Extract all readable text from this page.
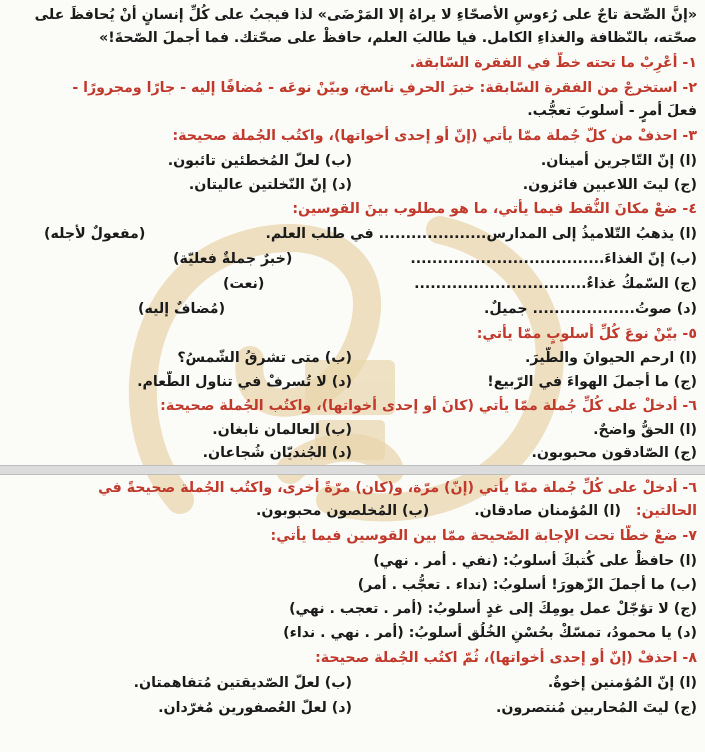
«إنَّ الصِّحة تاجٌ على رُءوسِ الأصحّاءِ لا يراهُ إلا المَرْضَى» لذا فيجبُ على كُلِّ إنسانٍ أنْ يُحافظَ على
صحّته، بالنّظافة والغذاءِ الكامل. فيا طالبَ العلم، حافظْ على صحّتك. فما أجملَ الصّحةَ!»
١- أعْرِبْ ما تحته خطٌّ في الفقرة السّابقة.
٢- استخرجْ من الفقرة السّابقة: خبرَ الحرفِ ناسخ، وبيّنْ نوعَه - مُضافًا إليه - جارًا ومجرورًا -
فعلَ أمرٍ - أُسلوبَ تعجُّب.
٣- احذفْ من كلّ جُملة ممّا يأتي (إنّ أو إحدى أخواتها)، واكتُب الجُملة صحيحة:
(ا) إنّ التّاجرين أمينان.
(ب) لعلّ المُخطئين تائبون.
(ج) ليتَ اللاعبين فائزون.
(د) إنّ النّخلتين عاليتان.
٤- ضعْ مكانَ النُّقط فيما يأتي، ما هو مطلوب بينَ القوسين:
(ا) يذهبُ التّلاميذُ إلى المدارس.................... في طلب العلم.
(مفعولٌ لأجله)
(ب) إنّ الغذاءَ....................................
(خبرٌ جملةٌ فعليّة)
(ج) السّمكُ غذاءٌ................................
(نعت)
(د) صوتُ................... جميلٌ.
(مُضافٌ إليه)
٥- بيّنْ نوعَ كُلِّ أُسلوبٍ ممّا يأتي:
(ا) ارحم الحيوانَ والطّيرَ.
(ب) متى تشرقُ الشّمسُ؟
(ج) ما أجملَ الهواءَ في الرّبيع!
(د) لا تُسرفْ في تناول الطّعام.
٦- أدخلْ على كُلِّ جُملة ممّا يأتي (كانَ أو إحدى أخواتها)، واكتُب الجُملة صحيحة:
(ا) الحقُّ واضحٌ.
(ب) العالمان نابغان.
(ج) الصّادقون محبوبون.
(د) الجُنديّان شُجاعان.
٦- أدخلْ على كُلِّ جُملة ممّا يأتي (إنّ) مرّة، و(كان) مرّةً أخرى، واكتُب الجُملة صحيحةً في
الحالتين: (ا) المُؤمنان صادقان. (ب) المُخلصون محبوبون.
٧- ضعْ خطًّا تحت الإجابة الصّحيحة ممّا بين القوسين فيما يأتي:
(ا) حافظْ على كُتبكَ أسلوبُ: (نفي . أمر . نهي)
(ب) ما أجملَ الزّهورَ! أسلوبُ: (نداء . تعجُّب . أمر)
(ج) لا تؤجّلْ عمل يومِكَ إلى غدٍ أسلوبُ: (أمر . تعجب . نهي)
(د) يا محمودُ، تمسّكْ بحُسْنِ الخُلُق أسلوبُ: (أمر . نهي . نداء)
٨- احذفْ (إنّ أو إحدى أخواتها)، ثُمّ اكتُب الجُملة صحيحة:
(ا) إنّ المُؤمنين إخوةٌ.
(ب) لعلّ الصّديقتين مُتفاهمتان.
(ج) ليتَ المُحاربين مُنتصرون.
(د) لعلّ العُصفورين مُغرّدان.
